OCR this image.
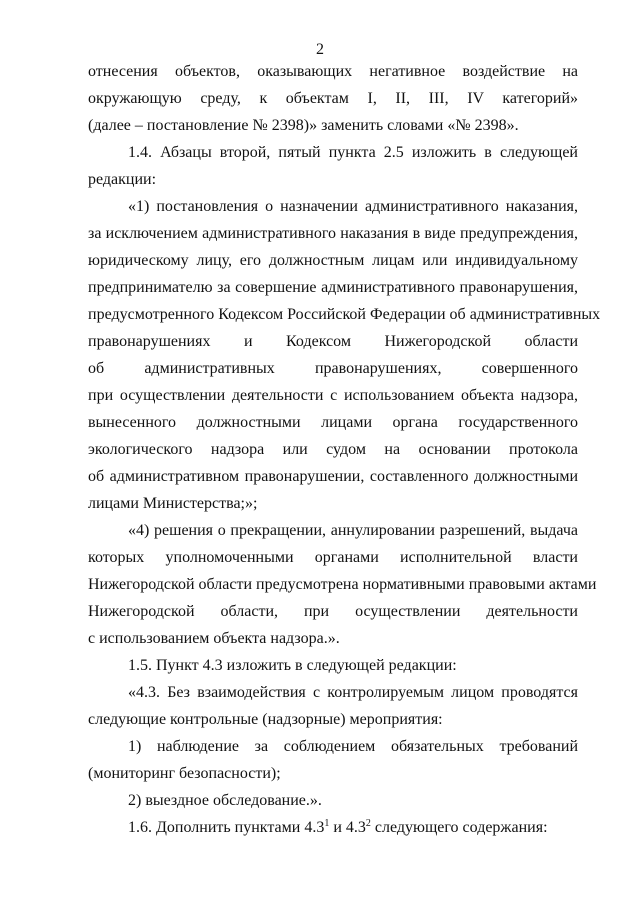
2
отнесения объектов, оказывающих негативное воздействие на
окружающую среду, к объектам I, II, III, IV категорий»
(далее – постановление № 2398)» заменить словами «№ 2398».
1.4. Абзацы второй, пятый пункта 2.5 изложить в следующей
редакции:
«1) постановления о назначении административного наказания,
за исключением административного наказания в виде предупреждения,
юридическому лицу, его должностным лицам или индивидуальному
предпринимателю за совершение административного правонарушения,
предусмотренного Кодексом Российской Федерации об административных
правонарушениях и Кодексом Нижегородской области
об административных правонарушениях, совершенного
при осуществлении деятельности с использованием объекта надзора,
вынесенного должностными лицами органа государственного
экологического надзора или судом на основании протокола
об административном правонарушении, составленного должностными
лицами Министерства;»;
«4) решения о прекращении, аннулировании разрешений, выдача
которых уполномоченными органами исполнительной власти
Нижегородской области предусмотрена нормативными правовыми актами
Нижегородской области, при осуществлении деятельности
с использованием объекта надзора.».
1.5. Пункт 4.3 изложить в следующей редакции:
«4.3. Без взаимодействия с контролируемым лицом проводятся
следующие контрольные (надзорные) мероприятия:
1) наблюдение за соблюдением обязательных требований
(мониторинг безопасности);
2) выездное обследование.».
1.6. Дополнить пунктами $4.3^1$ и $4.3^2$ следующего содержания:
